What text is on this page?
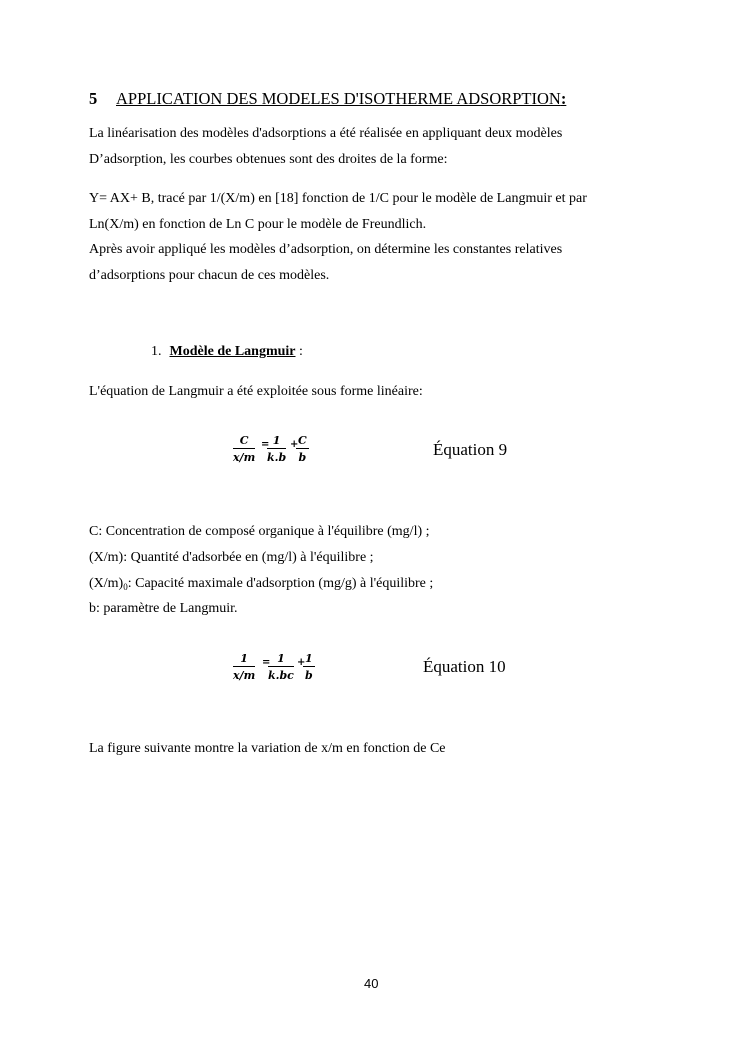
5 APPLICATION DES MODELES D'ISOTHERME ADSORPTION:
La linéarisation des modèles d'adsorptions a été réalisée en appliquant deux modèles
D’adsorption, les courbes obtenues sont des droites de la forme:
Y= AX+ B, tracé par 1/(X/m) en [18] fonction de 1/C pour le modèle de Langmuir et par
Ln(X/m) en fonction de Ln C pour le modèle de Freundlich.
Après avoir appliqué les modèles d’adsorption, on détermine les constantes relatives
d’adsorptions pour chacun de ces modèles.
1. Modèle de Langmuir :
L'équation de Langmuir a été exploitée sous forme linéaire:
$\frac{C}{x/m}$ =
$\frac{1}{k.b}$ +
$\frac{C}{b}$	Équation 9
C: Concentration de composé organique à l'équilibre (mg/l) ;
(X/m): Quantité d'adsorbée en (mg/l) à l'équilibre ;
$(X/m)_0$: Capacité maximale d'adsorption (mg/g) à l'équilibre ;
b: paramètre de Langmuir.
$\frac{1}{x/m}$ =
$\frac{1}{k.bc}$ +
$\frac{1}{b}$	Équation 10
La figure suivante montre la variation de x/m en fonction de Ce
40
